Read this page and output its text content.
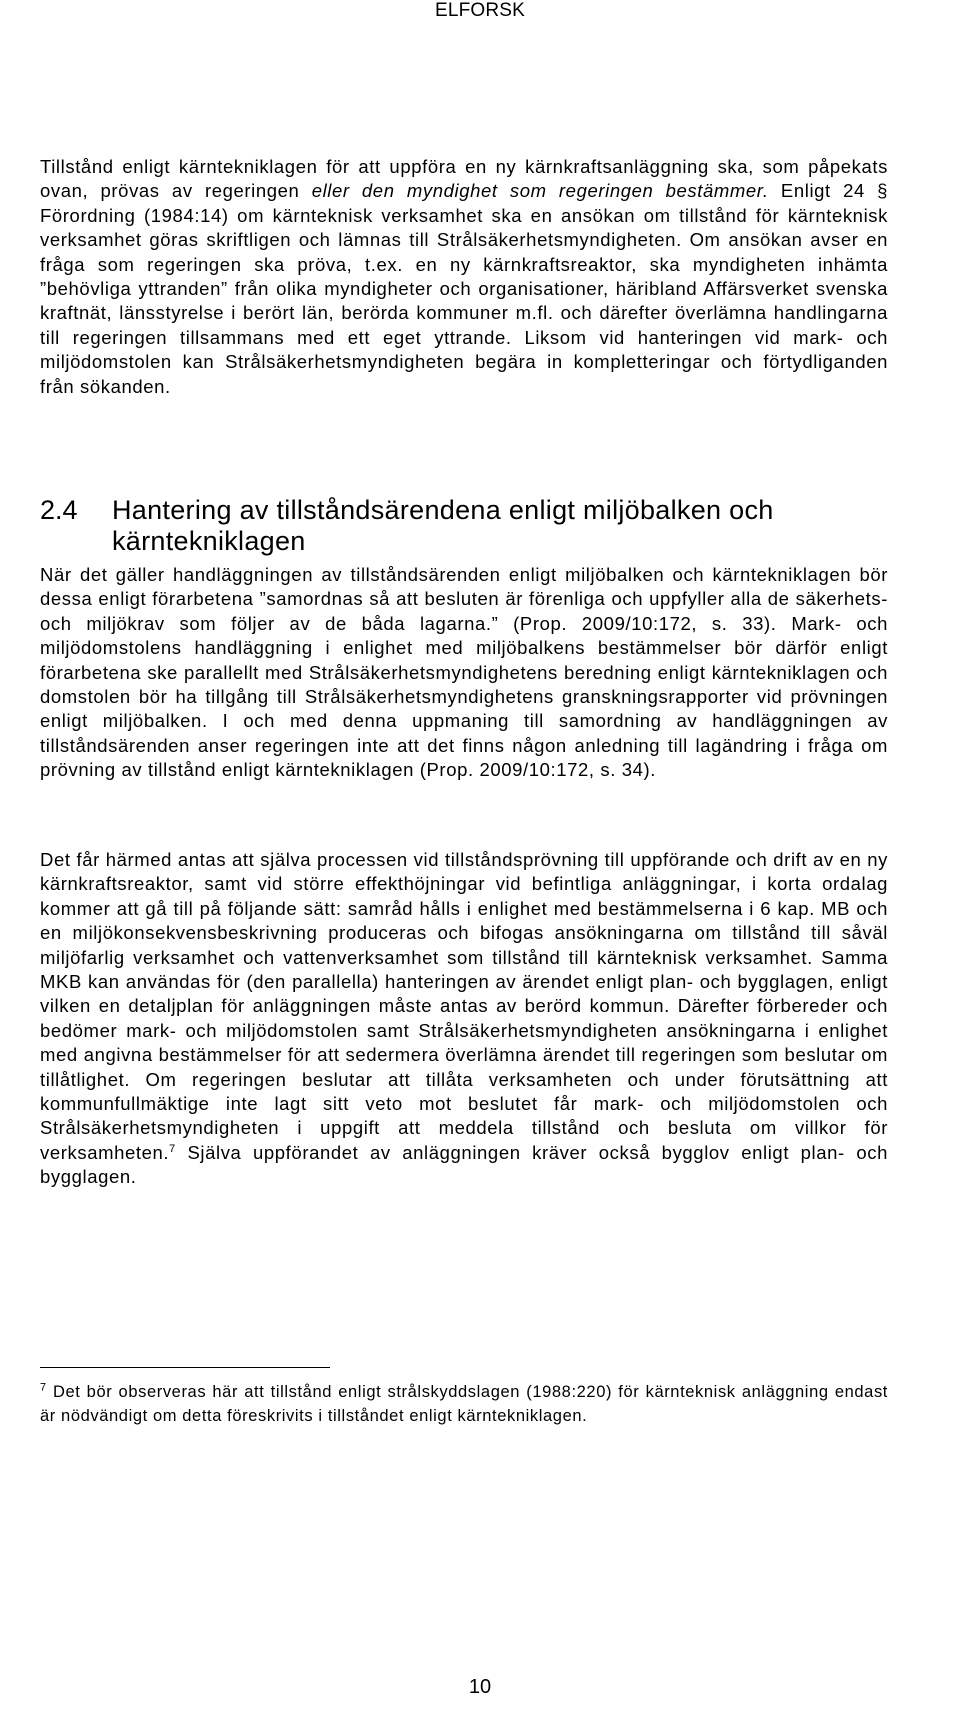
ELFORSK

Tillstånd enligt kärntekniklagen för att uppföra en ny kärnkraftsanläggning ska, som påpekats ovan, prövas av regeringen eller den myndighet som regeringen bestämmer. Enligt 24 § Förordning (1984:14) om kärnteknisk verksamhet ska en ansökan om tillstånd för kärnteknisk verksamhet göras skriftligen och lämnas till Strålsäkerhetsmyndigheten. Om ansökan avser en fråga som regeringen ska pröva, t.ex. en ny kärnkraftsreaktor, ska myndigheten inhämta ”behövliga yttranden” från olika myndigheter och organisationer, häribland Affärsverket svenska kraftnät, länsstyrelse i berört län, berörda kommuner m.fl. och därefter överlämna handlingarna till regeringen tillsammans med ett eget yttrande. Liksom vid hanteringen vid mark- och miljödomstolen kan Strålsäkerhetsmyndigheten begära in kompletteringar och förtydliganden från sökanden.

2.4	Hantering av tillståndsärendena enligt miljöbalken och kärntekniklagen

När det gäller handläggningen av tillståndsärenden enligt miljöbalken och kärntekniklagen bör dessa enligt förarbetena ”samordnas så att besluten är förenliga och uppfyller alla de säkerhets- och miljökrav som följer av de båda lagarna.” (Prop. 2009/10:172, s. 33). Mark- och miljödomstolens handläggning i enlighet med miljöbalkens bestämmelser bör därför enligt förarbetena ske parallellt med Strålsäkerhetsmyndighetens beredning enligt kärntekniklagen och domstolen bör ha tillgång till Strålsäkerhetsmyndighetens granskningsrapporter vid prövningen enligt miljöbalken. I och med denna uppmaning till samordning av handläggningen av tillståndsärenden anser regeringen inte att det finns någon anledning till lagändring i fråga om prövning av tillstånd enligt kärntekniklagen (Prop. 2009/10:172, s. 34).

Det får härmed antas att själva processen vid tillståndsprövning till uppförande och drift av en ny kärnkraftsreaktor, samt vid större effekthöjningar vid befintliga anläggningar, i korta ordalag kommer att gå till på följande sätt: samråd hålls i enlighet med bestämmelserna i 6 kap. MB och en miljökonsekvensbeskrivning produceras och bifogas ansökningarna om tillstånd till såväl miljöfarlig verksamhet och vattenverksamhet som tillstånd till kärnteknisk verksamhet. Samma MKB kan användas för (den parallella) hanteringen av ärendet enligt plan- och bygglagen, enligt vilken en detaljplan för anläggningen måste antas av berörd kommun. Därefter förbereder och bedömer mark- och miljödomstolen samt Strålsäkerhetsmyndigheten ansökningarna i enlighet med angivna bestämmelser för att sedermera överlämna ärendet till regeringen som beslutar om tillåtlighet. Om regeringen beslutar att tillåta verksamheten och under förutsättning att kommunfullmäktige inte lagt sitt veto mot beslutet får mark- och miljödomstolen och Strålsäkerhetsmyndigheten i uppgift att meddela tillstånd och besluta om villkor för verksamheten.$^7$ Själva uppförandet av anläggningen kräver också bygglov enligt plan- och bygglagen.

$^7$ Det bör observeras här att tillstånd enligt strålskyddslagen (1988:220) för kärnteknisk anläggning endast är nödvändigt om detta föreskrivits i tillståndet enligt kärntekniklagen.

10
